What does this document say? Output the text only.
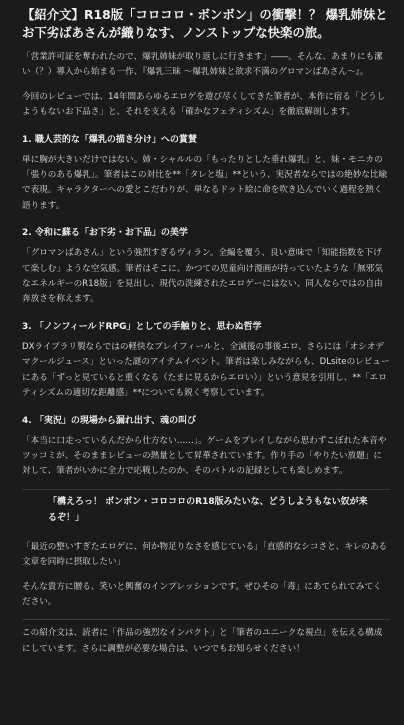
【紹介文】R18版「コロコロ・ボンボン」の衝撃！？ 爆乳姉妹とお下劣ばあさんが織りなす、ノンストップな快楽の旅。

「営業許可証を奪われたので、爆乳姉妹が取り返しに行きます」――。そんな、あまりにも潔い（？）導入から始まる一作、『爆乳三昧 〜爆乳姉妹と欲求不満のグロマンばあさん〜』。

今回のレビューでは、14年間あらゆるエロゲを遊び尽くしてきた筆者が、本作に宿る「どうしようもないお下品さ」と、それを支える「確かなフェティシズム」を徹底解剖します。

1. 職人芸的な「爆乳の描き分け」への賞賛

単に胸が大きいだけではない。姉・シャルルの「もったりとした垂れ爆乳」と、妹・モニカの「張りのある爆乳」。筆者はこの対比を**「タレと塩」**という、実況者ならではの絶妙な比喩で表現。キャラクターへの愛とこだわりが、単なるドット絵に命を吹き込んでいく過程を熱く語ります。

2. 令和に蘇る「お下劣・お下品」の美学

「グロマンばあさん」という強烈すぎるヴィラン。全編を覆う、良い意味で「知能指数を下げて楽しむ」ような空気感。筆者はそこに、かつての児童向け漫画が持っていたような「無邪気なエネルギーのR18版」を見出し、現代の洗練されたエロゲーにはない、同人ならではの自由奔放さを称えます。

3. 「ノンフィールドRPG」としての手触りと、思わぬ哲学

DXライブラリ製ならではの軽快なプレイフィールと、全滅後の事後エロ、さらには「オシオデマクールジュース」といった謎のアイテムイベント。筆者は楽しみながらも、DLsiteのレビューにある「ずっと見ていると重くなる（たまに見るからエロい）」という意見を引用し、**「エロティシズムの適切な距離感」**についても鋭く考察しています。

4. 「実況」の現場から漏れ出す、魂の叫び

「本当に口走っているんだから仕方ない……」。ゲームをプレイしながら思わずこぼれた本音やツッコミが、そのままレビューの熱量として昇華されています。作り手の「やりたい放題」に対して、筆者がいかに全力で応戦したのか、そのバトルの記録としても楽しめます。

「構えろっ！ ボンボン・コロコロのR18版みたいな、どうしようもない奴が来るぞ！」

「最近の整いすぎたエロゲに、何か物足りなさを感じている」「直感的なシコさと、キレのある文章を同時に摂取したい」

そんな貴方に贈る、笑いと興奮のインプレッションです。ぜひその「毒」にあてられてみてください。

この紹介文は、読者に「作品の強烈なインパクト」と「筆者のユニークな視点」を伝える構成にしています。さらに調整が必要な場合は、いつでもお知らせください！
